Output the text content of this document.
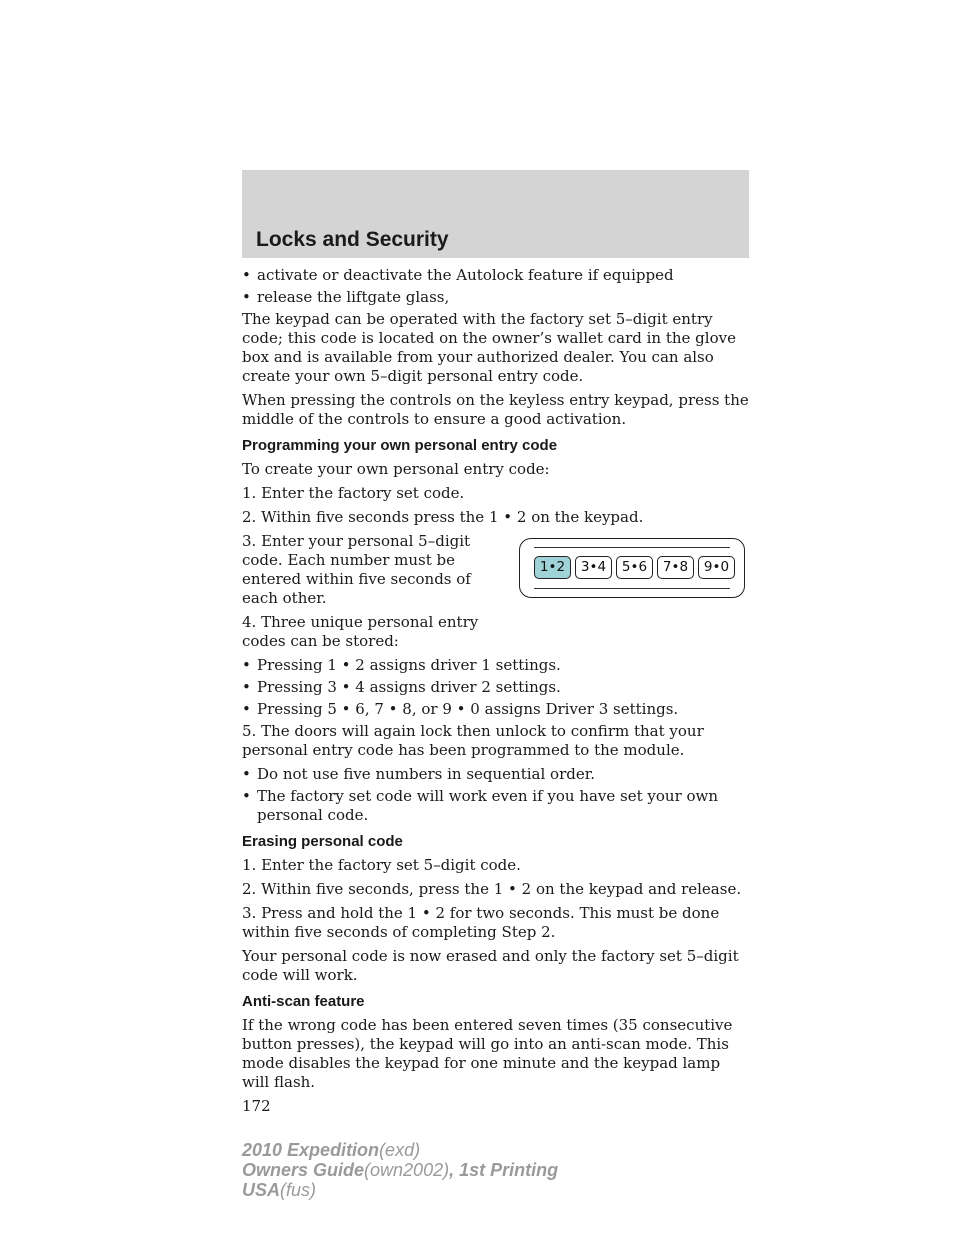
Locks and Security
• activate or deactivate the Autolock feature if equipped
• release the liftgate glass,

The keypad can be operated with the factory set 5–digit entry code; this code is located on the owner’s wallet card in the glove box and is available from your authorized dealer. You can also create your own 5–digit personal entry code.

When pressing the controls on the keyless entry keypad, press the middle of the controls to ensure a good activation.

Programming your own personal entry code

To create your own personal entry code:

1. Enter the factory set code.

2. Within five seconds press the 1 • 2 on the keypad.

1•2	3•4	5•6	7•8	9•0

3. Enter your personal 5–digit code. Each number must be entered within five seconds of each other.

4. Three unique personal entry codes can be stored:

• Pressing 1 • 2 assigns driver 1 settings.
• Pressing 3 • 4 assigns driver 2 settings.
• Pressing 5 • 6, 7 • 8, or 9 • 0 assigns Driver 3 settings.

5. The doors will again lock then unlock to confirm that your personal entry code has been programmed to the module.

• Do not use five numbers in sequential order.
• The factory set code will work even if you have set your own personal code.
Erasing personal code

1. Enter the factory set 5–digit code.

2. Within five seconds, press the 1 • 2 on the keypad and release.

3. Press and hold the 1 • 2 for two seconds. This must be done within five seconds of completing Step 2.

Your personal code is now erased and only the factory set 5–digit code will work.

Anti-scan feature

If the wrong code has been entered seven times (35 consecutive button presses), the keypad will go into an anti-scan mode. This mode disables the keypad for one minute and the keypad lamp will flash.

172
2010 Expedition(exd)
Owners Guide(own2002), 1st Printing
USA(fus)
